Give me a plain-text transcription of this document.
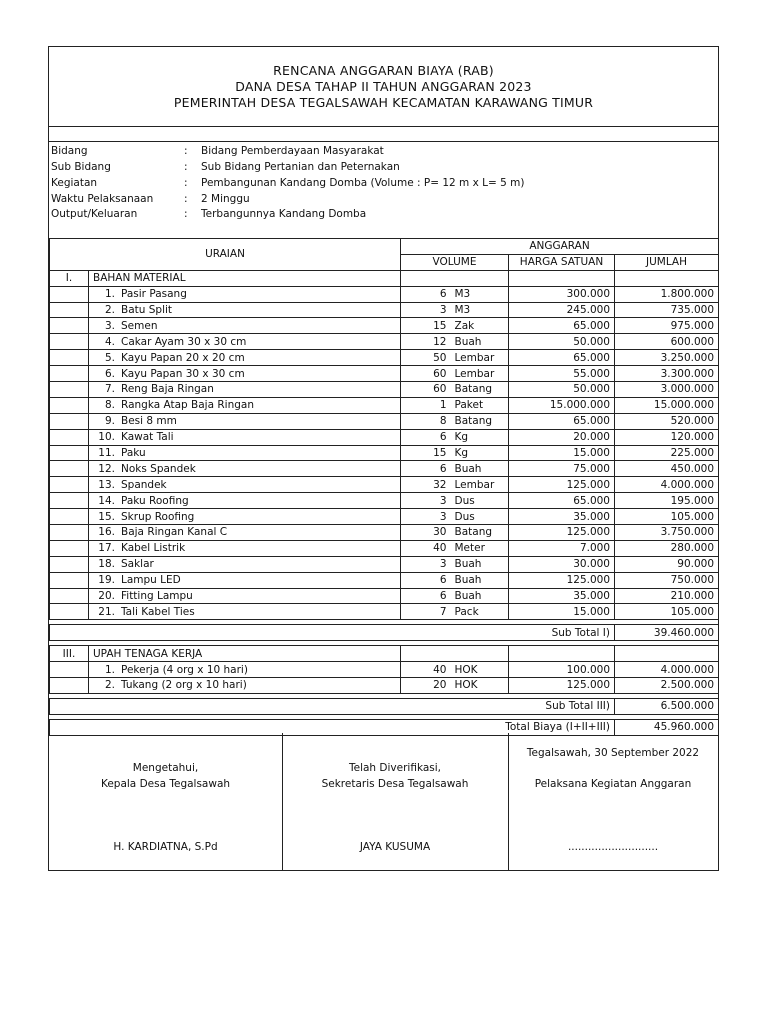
RENCANA ANGGARAN BIAYA (RAB)
DANA DESA TAHAP II TAHUN ANGGARAN 2023
PEMERINTAH DESA TEGALSAWAH KECAMATAN KARAWANG TIMUR
Bidang	: Bidang Pemberdayaan Masyarakat
Sub Bidang	: Sub Bidang Pertanian dan Peternakan
Kegiatan	: Pembangunan Kandang Domba (Volume : P= 12 m x L= 5 m)
Waktu Pelaksanaan	: 2 Minggu
Output/Keluaran	: Terbangunnya Kandang Domba
URAIAN		ANGGARAN			
		VOLUME		HARGA SATUAN	JUMLAH
I.	BAHAN MATERIAL				
	1. Pasir Pasang	6	M3	300.000	1.800.000
	2. Batu Split	3	M3	245.000	735.000
	3. Semen	15	Zak	65.000	975.000
	4. Cakar Ayam 30 x 30 cm	12	Buah	50.000	600.000
	5. Kayu Papan 20 x 20 cm	50	Lembar	65.000	3.250.000
	6. Kayu Papan 30 x 30 cm	60	Lembar	55.000	3.300.000
	7. Reng Baja Ringan	60	Batang	50.000	3.000.000
	8. Rangka Atap Baja Ringan	1	Paket	15.000.000	15.000.000
	9. Besi 8 mm	8	Batang	65.000	520.000
	10. Kawat Tali	6	Kg	20.000	120.000
	11. Paku	15	Kg	15.000	225.000
	12. Noks Spandek	6	Buah	75.000	450.000
	13. Spandek	32	Lembar	125.000	4.000.000
	14. Paku Roofing	3	Dus	65.000	195.000
	15. Skrup Roofing	3	Dus	35.000	105.000
	16. Baja Ringan Kanal C	30	Batang	125.000	3.750.000
	17. Kabel Listrik	40	Meter	7.000	280.000
	18. Saklar	3	Buah	30.000	90.000
	19. Lampu LED	6	Buah	125.000	750.000
	20. Fitting Lampu	6	Buah	35.000	210.000
	21. Tali Kabel Ties	7	Pack	15.000	105.000

Sub Total I)					39.460.000

III.	UPAH TENAGA KERJA				
	1. Pekerja (4 org x 10 hari)	40	HOK	100.000	4.000.000
	2. Tukang (2 org x 10 hari)	20	HOK	125.000	2.500.000

Sub Total III)					6.500.000

Total Biaya (I+II+III)					45.960.000
Mengetahui,
Kepala Desa Tegalsawah
H. KARDIATNA, S.Pd
Telah Diverifikasi,
Sekretaris Desa Tegalsawah
JAYA KUSUMA
Tegalsawah, 30 September 2022
Pelaksana Kegiatan Anggaran
...........................
